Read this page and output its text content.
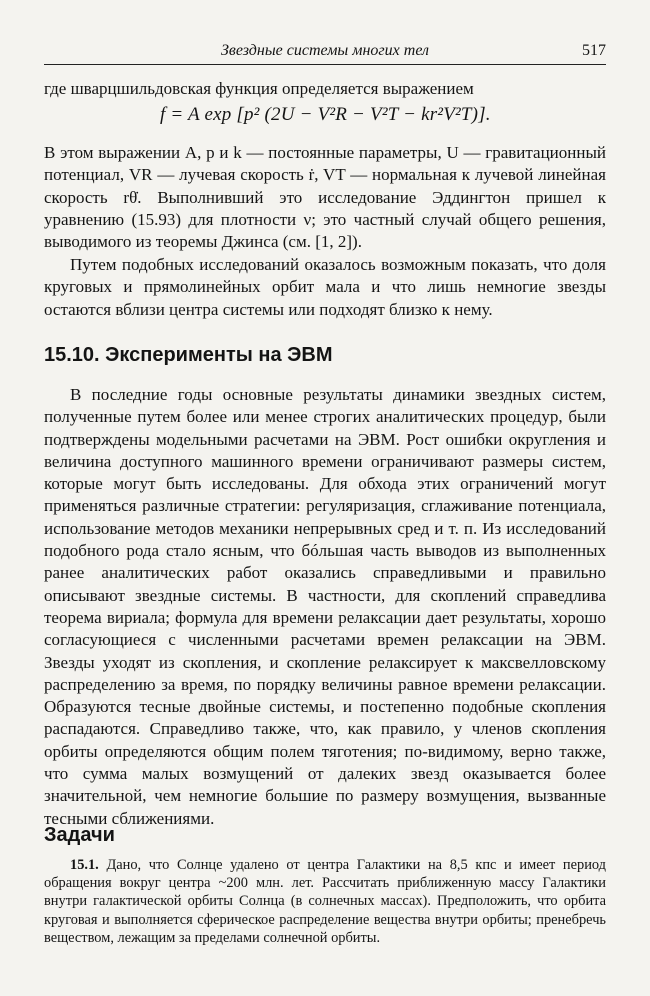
Звездные системы многих тел	517

где шварцшильдовская функция определяется выражением

f = A exp [p² (2U − V²R − V²T − kr²V²T)].

В этом выражении A, p и k — постоянные параметры, U — гравитационный потенциал, VR — лучевая скорость ṙ, VT — нормальная к лучевой линейная скорость rθ̇. Выполнивший это исследование Эддингтон пришел к уравнению (15.93) для плотности ν; это частный случай общего решения, выводимого из теоремы Джинса (см. [1, 2]).

Путем подобных исследований оказалось возможным показать, что доля круговых и прямолинейных орбит мала и что лишь немногие звезды остаются вблизи центра системы или подходят близко к нему.

15.10. Эксперименты на ЭВМ

В последние годы основные результаты динамики звездных систем, полученные путем более или менее строгих аналитических процедур, были подтверждены модельными расчетами на ЭВМ. Рост ошибки округления и величина доступного машинного времени ограничивают размеры систем, которые могут быть исследованы. Для обхода этих ограничений могут применяться различные стратегии: регуляризация, сглаживание потенциала, использование методов механики непрерывных сред и т. п. Из исследований подобного рода стало ясным, что бóльшая часть выводов из выполненных ранее аналитических работ оказались справедливыми и правильно описывают звездные системы. В частности, для скоплений справедлива теорема вириала; формула для времени релаксации дает результаты, хорошо согласующиеся с численными расчетами времен релаксации на ЭВМ. Звезды уходят из скопления, и скопление релаксирует к максвелловскому распределению за время, по порядку величины равное времени релаксации. Образуются тесные двойные системы, и постепенно подобные скопления распадаются. Справедливо также, что, как правило, у членов скопления орбиты определяются общим полем тяготения; по-видимому, верно также, что сумма малых возмущений от далеких звезд оказывается более значительной, чем немногие большие по размеру возмущения, вызванные тесными сближениями.

Задачи

15.1. Дано, что Солнце удалено от центра Галактики на 8,5 кпс и имеет период обращения вокруг центра ~200 млн. лет. Рассчитать приближенную массу Галактики внутри галактической орбиты Солнца (в солнечных массах). Предположить, что орбита круговая и выполняется сферическое распределение вещества внутри орбиты; пренебречь веществом, лежащим за пределами солнечной орбиты.
